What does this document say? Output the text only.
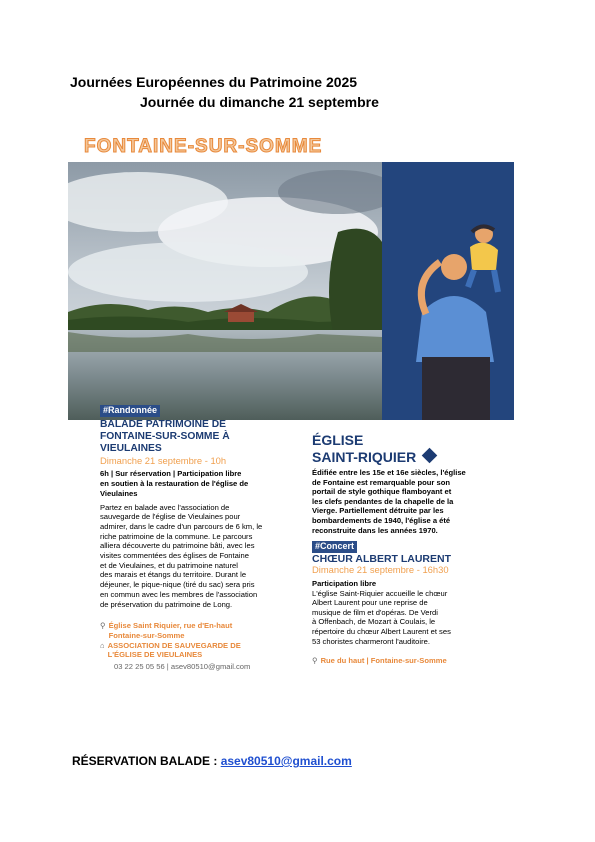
Journées Européennes du Patrimoine 2025
Journée du dimanche 21 septembre
FONTAINE-SUR-SOMME
#Randonnée
BALADE PATRIMOINE DE
FONTAINE-SUR-SOMME À
VIEULAINES
Dimanche 21 septembre - 10h
6h | Sur réservation | Participation libre
en soutien à la restauration de l'église de
Vieulaines

Partez en balade avec l'association de

sauvegarde de l'église de Vieulaines pour

admirer, dans le cadre d'un parcours de 6 km, le

riche patrimoine de la commune. Le parcours

alliera découverte du patrimoine bâti, avec les

visites commentées des églises de Fontaine

et de Vieulaines, et du patrimoine naturel

des marais et étangs du territoire. Durant le

déjeuner, le pique-nique (tiré du sac) sera pris

en commun avec les membres de l'association

de préservation du patrimoine de Long.

⚲ Église Saint Riquier, rue d'En-haut
Fontaine-sur-Somme
⌂ ASSOCIATION DE SAUVEGARDE DE
L'ÉGLISE DE VIEULAINES
03 22 25 05 56 | asev80510@gmail.com
ÉGLISE
SAINT-RIQUIER

Édifiée entre les 15e et 16e siècles, l'église

de Fontaine est remarquable pour son

portail de style gothique flamboyant et

les clefs pendantes de la chapelle de la

Vierge. Partiellement détruite par les

bombardements de 1940, l'église a été

reconstruite dans les années 1970.

#Concert
CHŒUR ALBERT LAURENT
Dimanche 21 septembre - 16h30
Participation libre

L'église Saint-Riquier accueille le chœur

Albert Laurent pour une reprise de

musique de film et d'opéras. De Verdi

à Offenbach, de Mozart à Coulais, le

répertoire du chœur Albert Laurent et ses

53 choristes charmeront l'auditoire.

⚲ Rue du haut | Fontaine-sur-Somme
RÉSERVATION BALADE : asev80510@gmail.com
